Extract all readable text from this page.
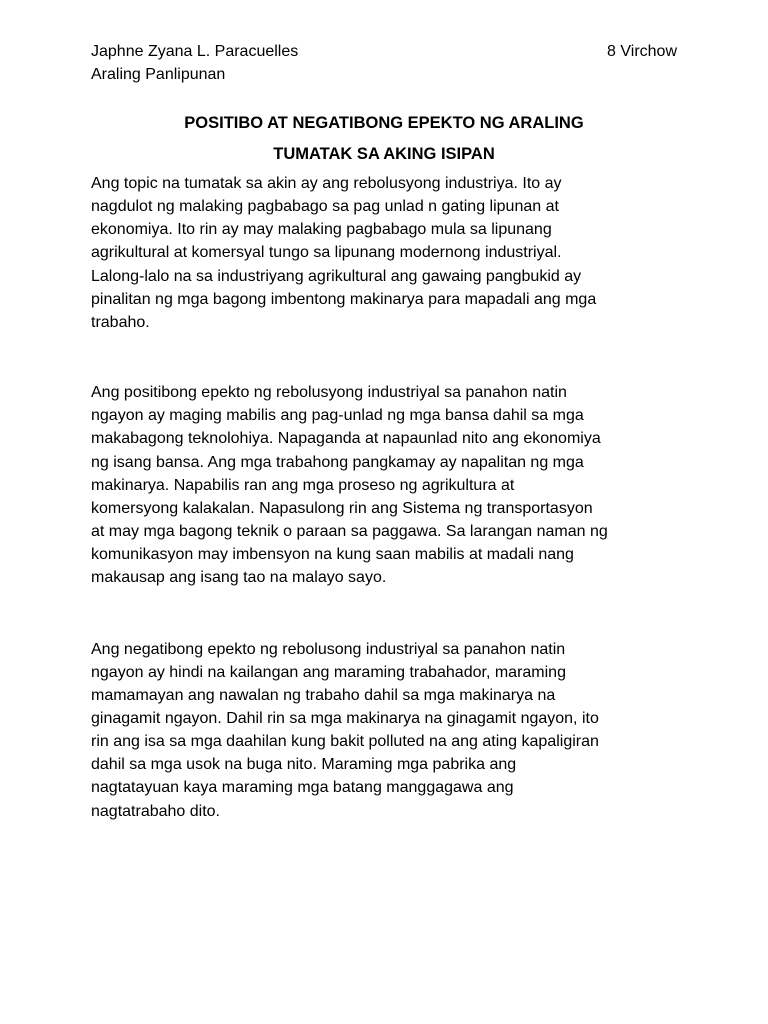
Japhne Zyana L. Paracuelles
Araling Panlipunan
8 Virchow

POSITIBO AT NEGATIBONG EPEKTO NG ARALING

TUMATAK SA AKING ISIPAN

Ang topic na tumatak sa akin ay ang rebolusyong industriya. Ito ay
nagdulot ng malaking pagbabago sa pag unlad n gating lipunan at
ekonomiya. Ito rin ay may malaking pagbabago mula sa lipunang
agrikultural at komersyal tungo sa lipunang modernong industriyal.
Lalong-lalo na sa industriyang agrikultural ang gawaing pangbukid ay
pinalitan ng mga bagong imbentong makinarya para mapadali ang mga
trabaho.

Ang positibong epekto ng rebolusyong industriyal sa panahon natin
ngayon ay maging mabilis ang pag-unlad ng mga bansa dahil sa mga
makabagong teknolohiya. Napaganda at napaunlad nito ang ekonomiya
ng isang bansa. Ang mga trabahong pangkamay ay napalitan ng mga
makinarya. Napabilis ran ang mga proseso ng agrikultura at
komersyong kalakalan. Napasulong rin ang Sistema ng transportasyon
at may mga bagong teknik o paraan sa paggawa. Sa larangan naman ng
komunikasyon may imbensyon na kung saan mabilis at madali nang
makausap ang isang tao na malayo sayo.

Ang negatibong epekto ng rebolusong industriyal sa panahon natin
ngayon ay hindi na kailangan ang maraming trabahador, maraming
mamamayan ang nawalan ng trabaho dahil sa mga makinarya na
ginagamit ngayon. Dahil rin sa mga makinarya na ginagamit ngayon, ito
rin ang isa sa mga daahilan kung bakit polluted na ang ating kapaligiran
dahil sa mga usok na buga nito. Maraming mga pabrika ang
nagtatayuan kaya maraming mga batang manggagawa ang
nagtatrabaho dito.
